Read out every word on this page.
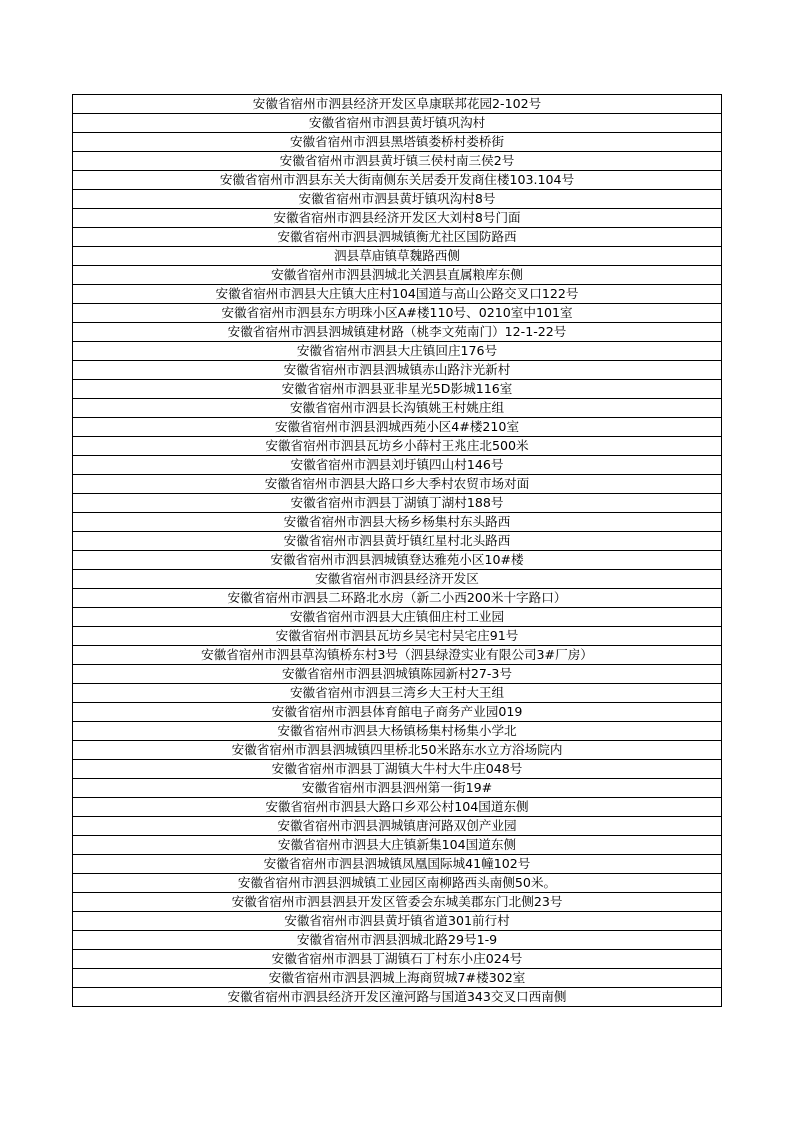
安徽省宿州市泗县经济开发区阜康联邦花园2-102号
安徽省宿州市泗县黄圩镇巩沟村
安徽省宿州市泗县黑塔镇娄桥村娄桥街
安徽省宿州市泗县黄圩镇三侯村南三侯2号
安徽省宿州市泗县东关大街南侧东关居委开发商住楼103.104号
安徽省宿州市泗县黄圩镇巩沟村8号
安徽省宿州市泗县经济开发区大刘村8号门面
安徽省宿州市泗县泗城镇衡尤社区国防路西
泗县草庙镇草魏路西侧
安徽省宿州市泗县泗城北关泗县直属粮库东侧
安徽省宿州市泗县大庄镇大庄村104国道与高山公路交叉口122号
安徽省宿州市泗县东方明珠小区A#楼110号、0210室中101室
安徽省宿州市泗县泗城镇建材路（桃李文苑南门）12-1-22号
安徽省宿州市泗县大庄镇回庄176号
安徽省宿州市泗县泗城镇赤山路汴光新村
安徽省宿州市泗县亚非星光5D影城116室
安徽省宿州市泗县长沟镇姚王村姚庄组
安徽省宿州市泗县泗城西苑小区4#楼210室
安徽省宿州市泗县瓦坊乡小薛村王兆庄北500米
安徽省宿州市泗县刘圩镇四山村146号
安徽省宿州市泗县大路口乡大季村农贸市场对面
安徽省宿州市泗县丁湖镇丁湖村188号
安徽省宿州市泗县大杨乡杨集村东头路西
安徽省宿州市泗县黄圩镇红星村北头路西
安徽省宿州市泗县泗城镇登达雅苑小区10#楼
安徽省宿州市泗县经济开发区
安徽省宿州市泗县二环路北水房（新二小西200米十字路口）
安徽省宿州市泗县大庄镇佃庄村工业园
安徽省宿州市泗县瓦坊乡吴宅村吴宅庄91号
安徽省宿州市泗县草沟镇桥东村3号（泗县绿澄实业有限公司3#厂房）
安徽省宿州市泗县泗城镇陈园新村27-3号
安徽省宿州市泗县三湾乡大王村大王组
安徽省宿州市泗县体育館电子商务产业园019
安徽省宿州市泗县大杨镇杨集村杨集小学北
安徽省宿州市泗县泗城镇四里桥北50米路东水立方浴场院内
安徽省宿州市泗县丁湖镇大牛村大牛庄048号
安徽省宿州市泗县泗州第一街19#
安徽省宿州市泗县大路口乡邓公村104国道东侧
安徽省宿州市泗县泗城镇唐河路双创产业园
安徽省宿州市泗县大庄镇新集104国道东侧
安徽省宿州市泗县泗城镇凤凰国际城41幢102号
安徽省宿州市泗县泗城镇工业园区南柳路西头南侧50米。
安徽省宿州市泗县泗县开发区管委会东城美郡东门北侧23号
安徽省宿州市泗县黄圩镇省道301前行村
安徽省宿州市泗县泗城北路29号1-9
安徽省宿州市泗县丁湖镇石丁村东小庄024号
安徽省宿州市泗县泗城上海商贸城7#楼302室
安徽省宿州市泗县经济开发区潼河路与国道343交叉口西南侧
